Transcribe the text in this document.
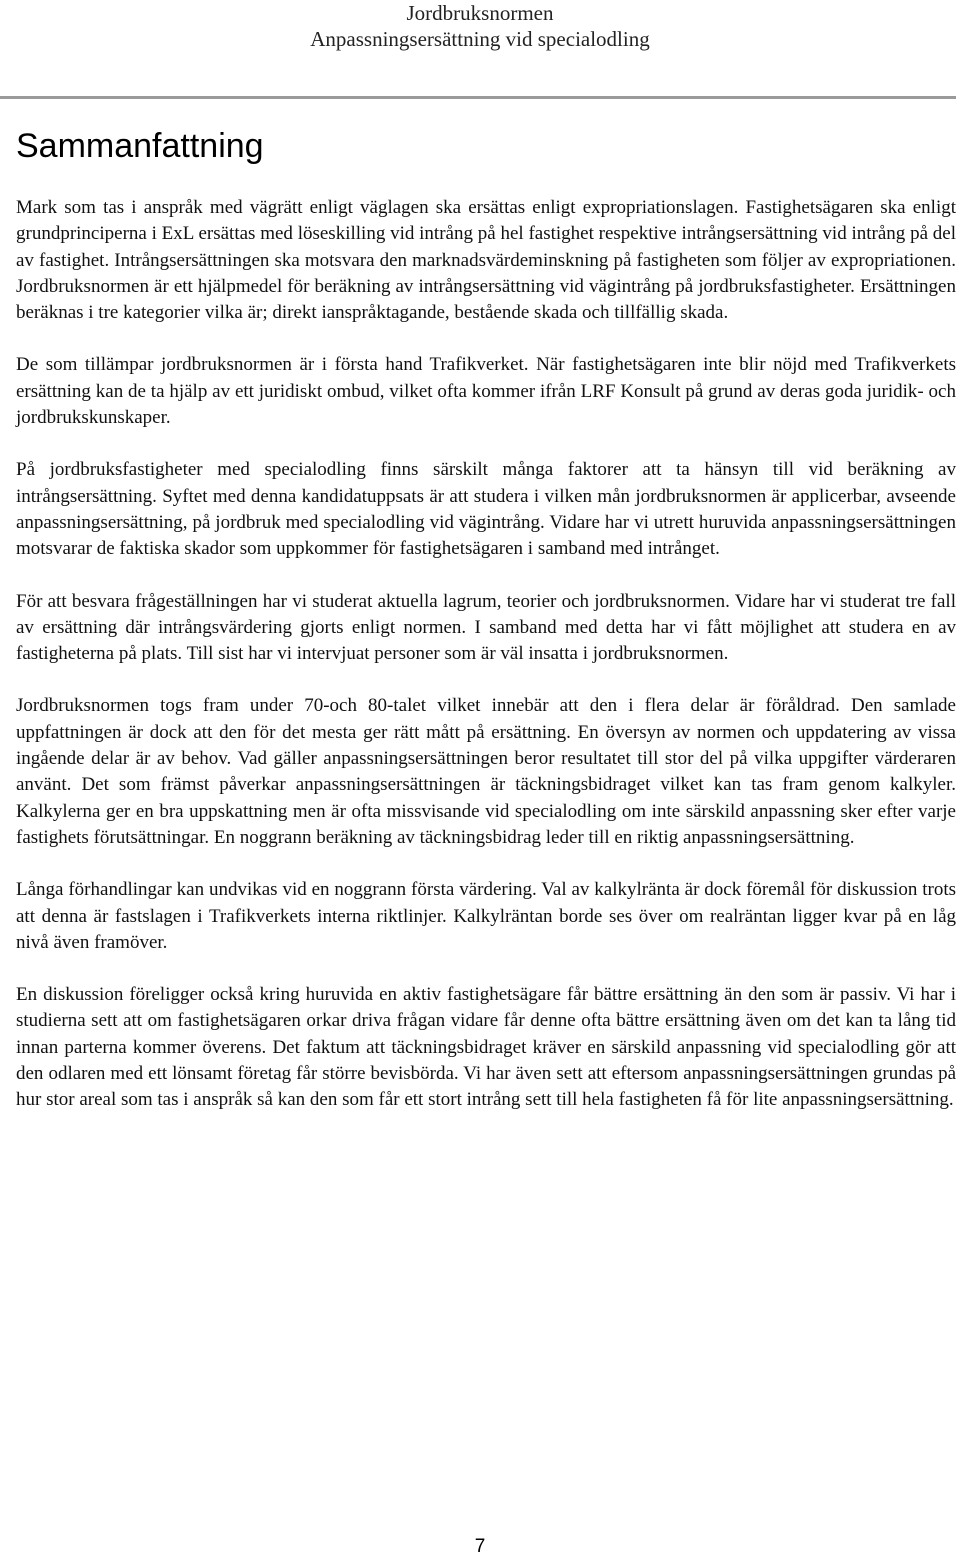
Jordbruksnormen
Anpassningsersättning vid specialodling
Sammanfattning

Mark som tas i anspråk med vägrätt enligt väglagen ska ersättas enligt expropriationslagen. Fastighetsägaren ska enligt grundprinciperna i ExL ersättas med löseskilling vid intrång på hel fastighet respektive intrångsersättning vid intrång på del av fastighet. Intrångsersättningen ska motsvara den marknadsvärdeminskning på fastigheten som följer av expropriationen. Jordbruksnormen är ett hjälpmedel för beräkning av intrångsersättning vid vägintrång på jordbruksfastigheter. Ersättningen beräknas i tre kategorier vilka är; direkt ianspråktagande, bestående skada och tillfällig skada.

De som tillämpar jordbruksnormen är i första hand Trafikverket. När fastighetsägaren inte blir nöjd med Trafikverkets ersättning kan de ta hjälp av ett juridiskt ombud, vilket ofta kommer ifrån LRF Konsult på grund av deras goda juridik- och jordbrukskunskaper.

På jordbruksfastigheter med specialodling finns särskilt många faktorer att ta hänsyn till vid beräkning av intrångsersättning. Syftet med denna kandidatuppsats är att studera i vilken mån jordbruksnormen är applicerbar, avseende anpassningsersättning, på jordbruk med specialodling vid vägintrång. Vidare har vi utrett huruvida anpassningsersättningen motsvarar de faktiska skador som uppkommer för fastighetsägaren i samband med intrånget.

För att besvara frågeställningen har vi studerat aktuella lagrum, teorier och jordbruksnormen. Vidare har vi studerat tre fall av ersättning där intrångsvärdering gjorts enligt normen. I samband med detta har vi fått möjlighet att studera en av fastigheterna på plats. Till sist har vi intervjuat personer som är väl insatta i jordbruksnormen.

Jordbruksnormen togs fram under 70-och 80-talet vilket innebär att den i flera delar är föråldrad. Den samlade uppfattningen är dock att den för det mesta ger rätt mått på ersättning. En översyn av normen och uppdatering av vissa ingående delar är av behov. Vad gäller anpassningsersättningen beror resultatet till stor del på vilka uppgifter värderaren använt. Det som främst påverkar anpassningsersättningen är täckningsbidraget vilket kan tas fram genom kalkyler. Kalkylerna ger en bra uppskattning men är ofta missvisande vid specialodling om inte särskild anpassning sker efter varje fastighets förutsättningar. En noggrann beräkning av täckningsbidrag leder till en riktig anpassningsersättning.

Långa förhandlingar kan undvikas vid en noggrann första värdering. Val av kalkylränta är dock föremål för diskussion trots att denna är fastslagen i Trafikverkets interna riktlinjer. Kalkylräntan borde ses över om realräntan ligger kvar på en låg nivå även framöver.

En diskussion föreligger också kring huruvida en aktiv fastighetsägare får bättre ersättning än den som är passiv. Vi har i studierna sett att om fastighetsägaren orkar driva frågan vidare får denne ofta bättre ersättning även om det kan ta lång tid innan parterna kommer överens. Det faktum att täckningsbidraget kräver en särskild anpassning vid specialodling gör att den odlaren med ett lönsamt företag får större bevisbörda. Vi har även sett att eftersom anpassningsersättningen grundas på hur stor areal som tas i anspråk så kan den som får ett stort intrång sett till hela fastigheten få för lite anpassningsersättning.

7
